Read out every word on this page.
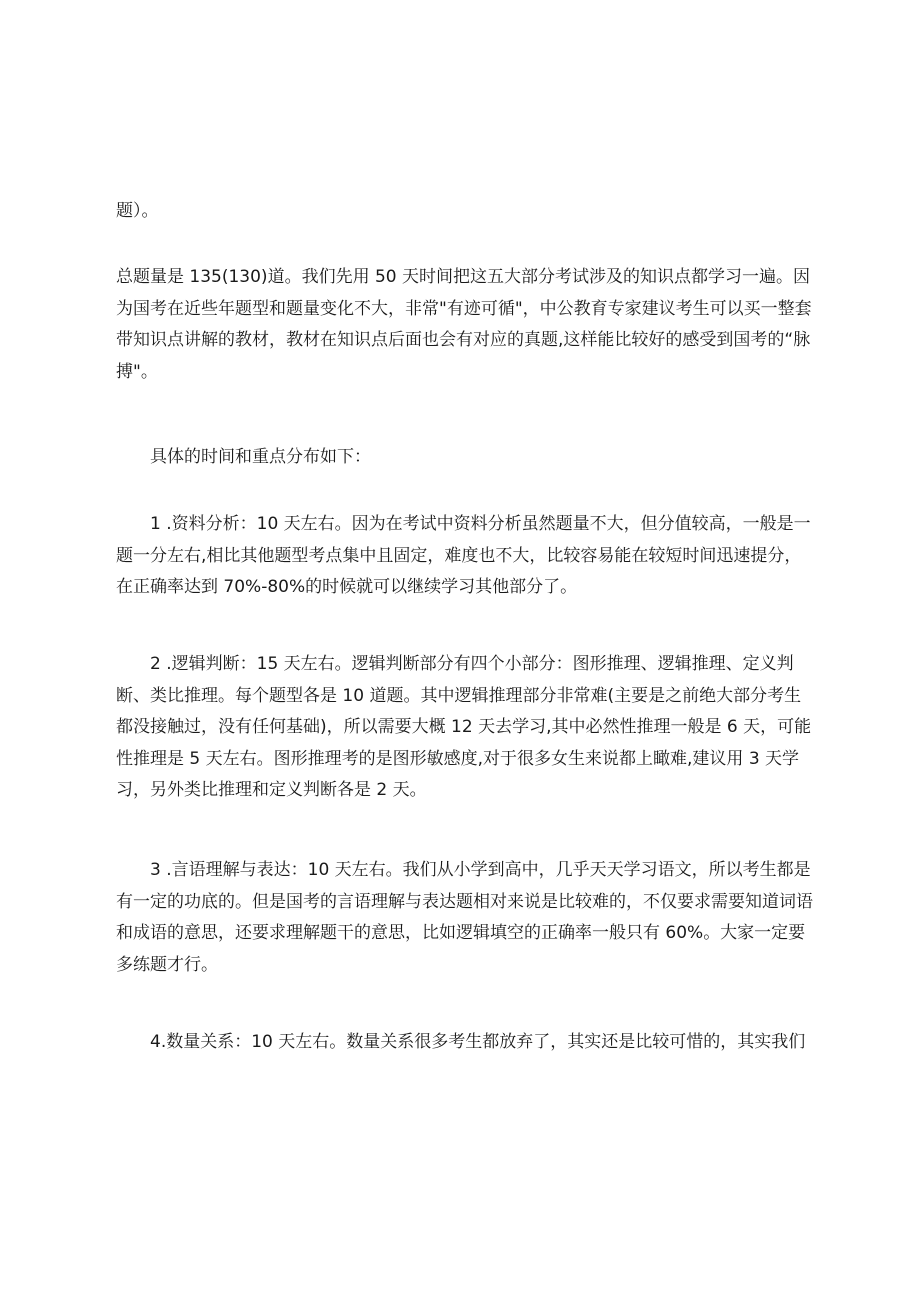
题）。

总题量是 135(130)道。我们先用 50 天时间把这五大部分考试涉及的知识点都学习一遍。因为国考在近些年题型和题量变化不大，非常"有迹可循"，中公教育专家建议考生可以买一整套带知识点讲解的教材，教材在知识点后面也会有对应的真题,这样能比较好的感受到国考的“脉搏"。

具体的时间和重点分布如下：

1 .资料分析：10 天左右。因为在考试中资料分析虽然题量不大，但分值较高，一般是一题一分左右,相比其他题型考点集中且固定，难度也不大，比较容易能在较短时间迅速提分，在正确率达到 70%-80%的时候就可以继续学习其他部分了。

2 .逻辑判断：15 天左右。逻辑判断部分有四个小部分：图形推理、逻辑推理、定义判断、类比推理。每个题型各是 10 道题。其中逻辑推理部分非常难(主要是之前绝大部分考生都没接触过，没有任何基础)，所以需要大概 12 天去学习,其中必然性推理一般是 6 天，可能性推理是 5 天左右。图形推理考的是图形敏感度,对于很多女生来说都上瞰难,建议用 3 天学习，另外类比推理和定义判断各是 2 天。

3 .言语理解与表达：10 天左右。我们从小学到高中，几乎天天学习语文，所以考生都是有一定的功底的。但是国考的言语理解与表达题相对来说是比较难的，不仅要求需要知道词语和成语的意思，还要求理解题干的意思，比如逻辑填空的正确率一般只有 60%。大家一定要多练题才行。

4.数量关系：10 天左右。数量关系很多考生都放弃了，其实还是比较可惜的，其实我们
